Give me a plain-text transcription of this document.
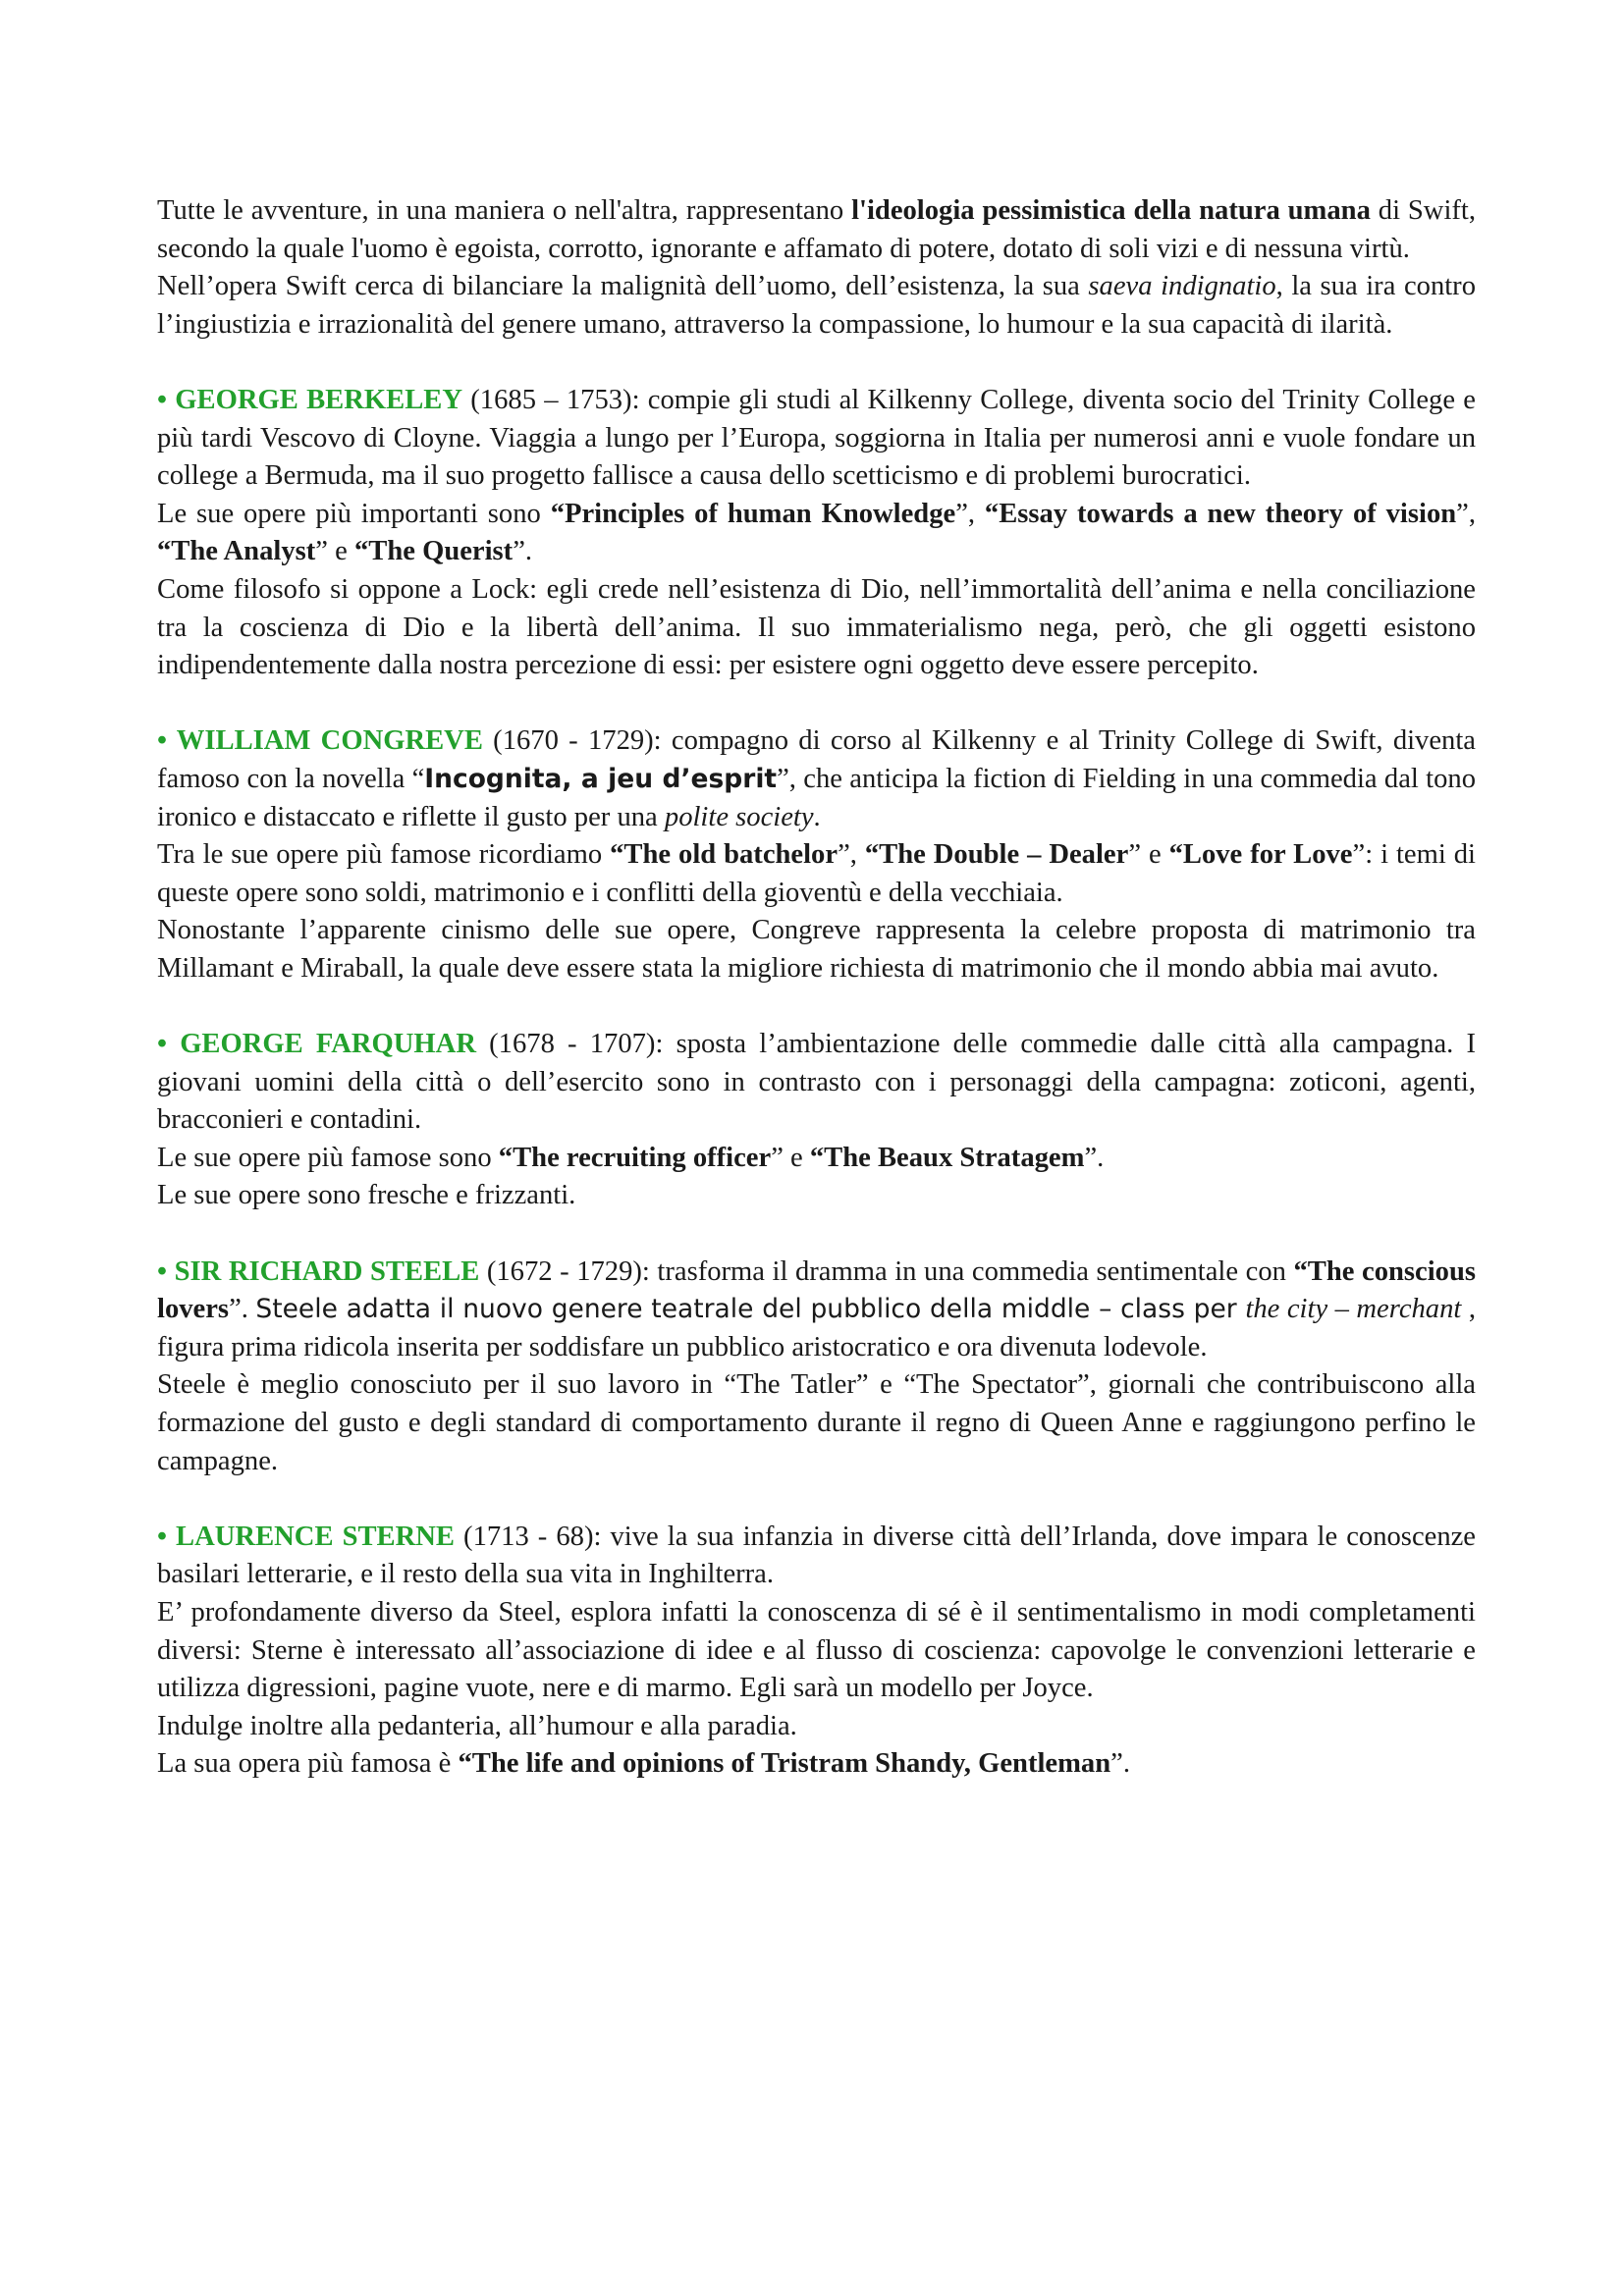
Tutte le avventure, in una maniera o nell'altra, rappresentano l'ideologia pessimistica della natura umana di Swift, secondo la quale l'uomo è egoista, corrotto, ignorante e affamato di potere, dotato di soli vizi e di nessuna virtù.

Nell’opera Swift cerca di bilanciare la malignità dell’uomo, dell’esistenza, la sua saeva indignatio, la sua ira contro l’ingiustizia e irrazionalità del genere umano, attraverso la compassione, lo humour e la sua capacità di ilarità.

• GEORGE BERKELEY (1685 – 1753): compie gli studi al Kilkenny College, diventa socio del Trinity College e più tardi Vescovo di Cloyne. Viaggia a lungo per l’Europa, soggiorna in Italia per numerosi anni e vuole fondare un college a Bermuda, ma il suo progetto fallisce a causa dello scetticismo e di problemi burocratici.

Le sue opere più importanti sono “Principles of human Knowledge”, “Essay towards a new theory of vision”, “The Analyst” e “The Querist”.

Come filosofo si oppone a Lock: egli crede nell’esistenza di Dio, nell’immortalità dell’anima e nella conciliazione tra la coscienza di Dio e la libertà dell’anima. Il suo immaterialismo nega, però, che gli oggetti esistono indipendentemente dalla nostra percezione di essi: per esistere ogni oggetto deve essere percepito.

• WILLIAM CONGREVE (1670 - 1729): compagno di corso al Kilkenny e al Trinity College di Swift, diventa famoso con la novella “Incognita, a jeu d’esprit”, che anticipa la fiction di Fielding in una commedia dal tono ironico e distaccato e riflette il gusto per una polite society.

Tra le sue opere più famose ricordiamo “The old batchelor”, “The Double – Dealer” e “Love for Love”: i temi di queste opere sono soldi, matrimonio e i conflitti della gioventù e della vecchiaia.

Nonostante l’apparente cinismo delle sue opere, Congreve rappresenta la celebre proposta di matrimonio tra Millamant e Miraball, la quale deve essere stata la migliore richiesta di matrimonio che il mondo abbia mai avuto.

• GEORGE FARQUHAR (1678 - 1707): sposta l’ambientazione delle commedie dalle città alla campagna. I giovani uomini della città o dell’esercito sono in contrasto con i personaggi della campagna: zoticoni, agenti, bracconieri e contadini.

Le sue opere più famose sono “The recruiting officer” e “The Beaux Stratagem”.

Le sue opere sono fresche e frizzanti.

• SIR RICHARD STEELE (1672 - 1729): trasforma il dramma in una commedia sentimentale con “The conscious lovers”. Steele adatta il nuovo genere teatrale del pubblico della middle – class per the city – merchant , figura prima ridicola inserita per soddisfare un pubblico aristocratico e ora divenuta lodevole.

Steele è meglio conosciuto per il suo lavoro in “The Tatler” e “The Spectator”, giornali che contribuiscono alla formazione del gusto e degli standard di comportamento durante il regno di Queen Anne e raggiungono perfino le campagne.

• LAURENCE STERNE (1713 - 68): vive la sua infanzia in diverse città dell’Irlanda, dove impara le conoscenze basilari letterarie, e il resto della sua vita in Inghilterra.

E’ profondamente diverso da Steel, esplora infatti la conoscenza di sé è il sentimentalismo in modi completamenti diversi: Sterne è interessato all’associazione di idee e al flusso di coscienza: capovolge le convenzioni letterarie e utilizza digressioni, pagine vuote, nere e di marmo. Egli sarà un modello per Joyce.

Indulge inoltre alla pedanteria, all’humour e alla paradia.

La sua opera più famosa è “The life and opinions of Tristram Shandy, Gentleman”.
